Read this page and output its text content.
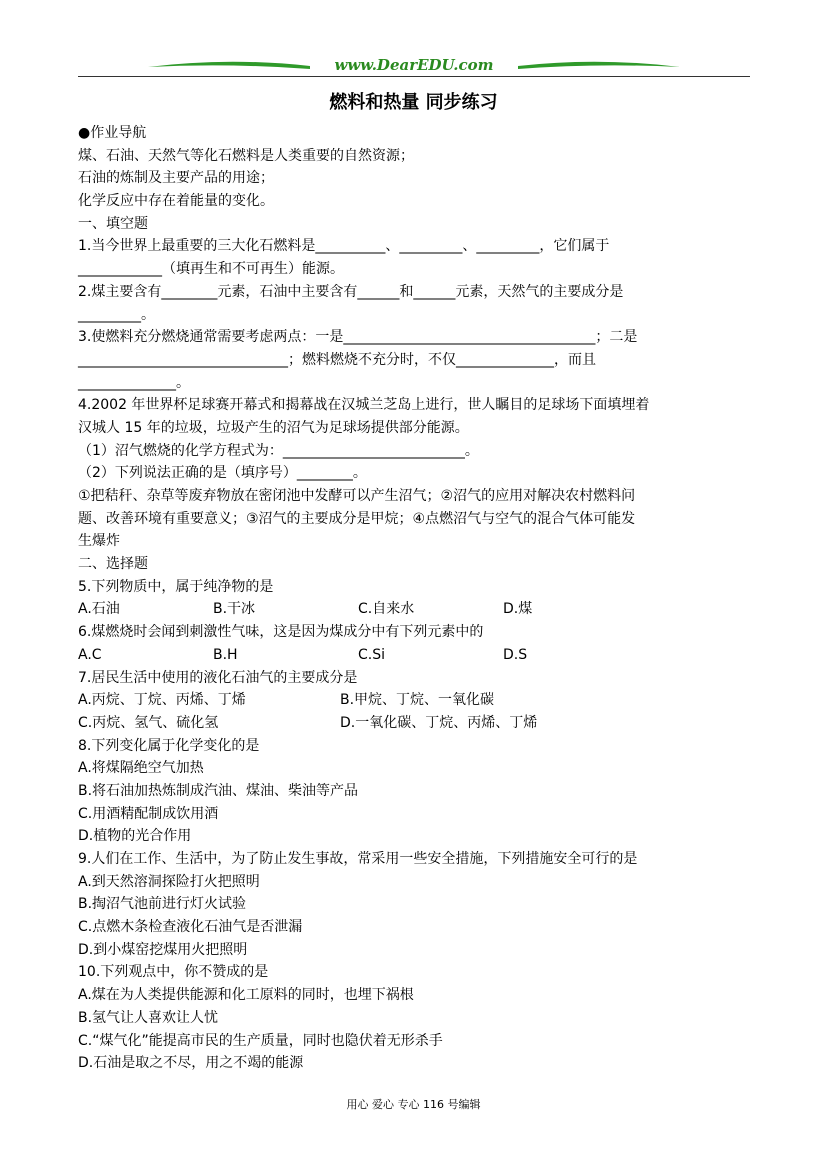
www.DearEDU.com
燃料和热量 同步练习
●作业导航
煤、石油、天然气等化石燃料是人类重要的自然资源；
石油的炼制及主要产品的用途；
化学反应中存在着能量的变化。
一、填空题
1.当今世界上最重要的三大化石燃料是__________、_________、_________，它们属于
____________（填再生和不可再生）能源。
2.煤主要含有________元素，石油中主要含有______和______元素，天然气的主要成分是
_________。
3.使燃料充分燃烧通常需要考虑两点：一是____________________________________；二是
______________________________；燃料燃烧不充分时，不仅______________，而且
______________。
4.2002 年世界杯足球赛开幕式和揭幕战在汉城兰芝岛上进行，世人瞩目的足球场下面填埋着
汉城人 15 年的垃圾，垃圾产生的沼气为足球场提供部分能源。
（1）沼气燃烧的化学方程式为：__________________________。
（2）下列说法正确的是（填序号）________。
①把秸秆、杂草等废弃物放在密闭池中发酵可以产生沼气；②沼气的应用对解决农村燃料问
题、改善环境有重要意义；③沼气的主要成分是甲烷；④点燃沼气与空气的混合气体可能发
生爆炸
二、选择题
5.下列物质中，属于纯净物的是
A.石油	B.干冰	C.自来水	D.煤
6.煤燃烧时会闻到刺激性气味，这是因为煤成分中有下列元素中的
A.C	B.H	C.Si	D.S
7.居民生活中使用的液化石油气的主要成分是
A.丙烷、丁烷、丙烯、丁烯	B.甲烷、丁烷、一氧化碳
C.丙烷、氢气、硫化氢	D.一氧化碳、丁烷、丙烯、丁烯
8.下列变化属于化学变化的是
A.将煤隔绝空气加热
B.将石油加热炼制成汽油、煤油、柴油等产品
C.用酒精配制成饮用酒
D.植物的光合作用
9.人们在工作、生活中，为了防止发生事故，常采用一些安全措施，下列措施安全可行的是
A.到天然溶洞探险打火把照明
B.掏沼气池前进行灯火试验
C.点燃木条检查液化石油气是否泄漏
D.到小煤窑挖煤用火把照明
10.下列观点中，你不赞成的是
A.煤在为人类提供能源和化工原料的同时，也埋下祸根
B.氢气让人喜欢让人忧
C.“煤气化”能提高市民的生产质量，同时也隐伏着无形杀手
D.石油是取之不尽，用之不竭的能源
用心 爱心 专心 116 号编辑
